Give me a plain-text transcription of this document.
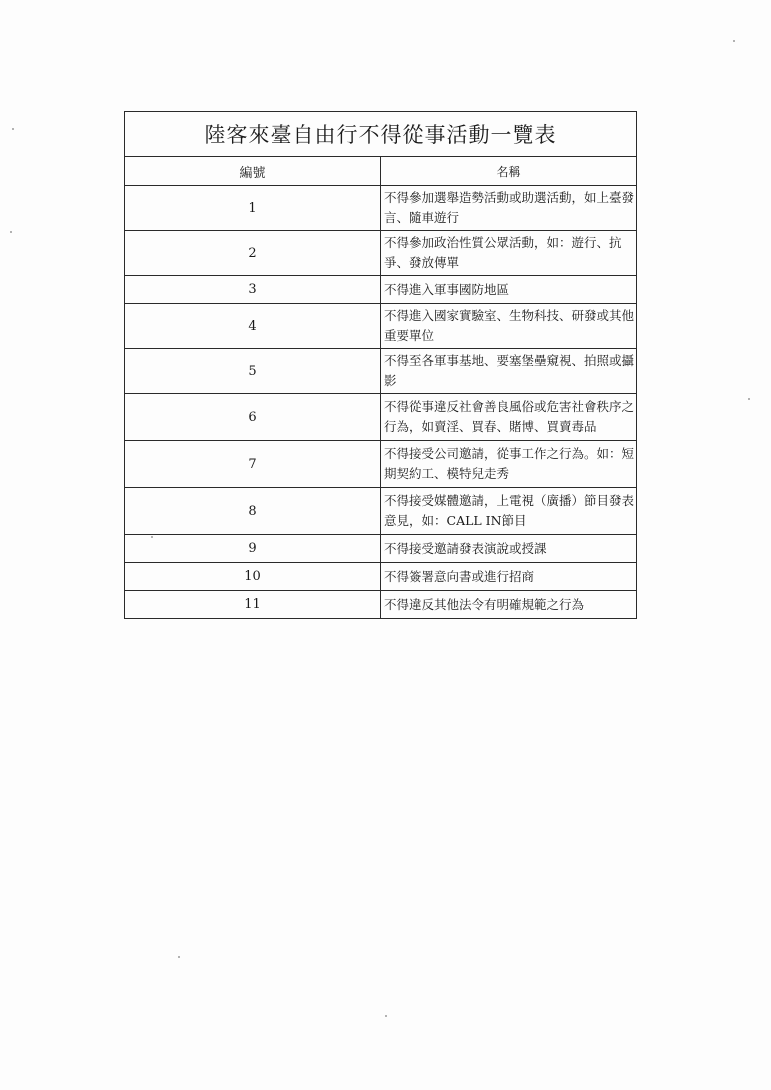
陸客來臺自由行不得從事活動一覽表	
編號	名稱
1	不得參加選舉造勢活動或助選活動，如上臺發言、隨車遊行
2	不得參加政治性質公眾活動，如：遊行、抗爭、發放傳單
3	不得進入軍事國防地區
4	不得進入國家實驗室、生物科技、研發或其他重要單位
5	不得至各軍事基地、要塞堡壘窺視、拍照或攝影
6	不得從事違反社會善良風俗或危害社會秩序之行為，如賣淫、買春、賭博、買賣毒品
7	不得接受公司邀請，從事工作之行為。如：短期契約工、模特兒走秀
8	不得接受媒體邀請，上電視（廣播）節目發表意見，如：CALL IN節目
9	不得接受邀請發表演說或授課
10	不得簽署意向書或進行招商
11	不得違反其他法令有明確規範之行為
